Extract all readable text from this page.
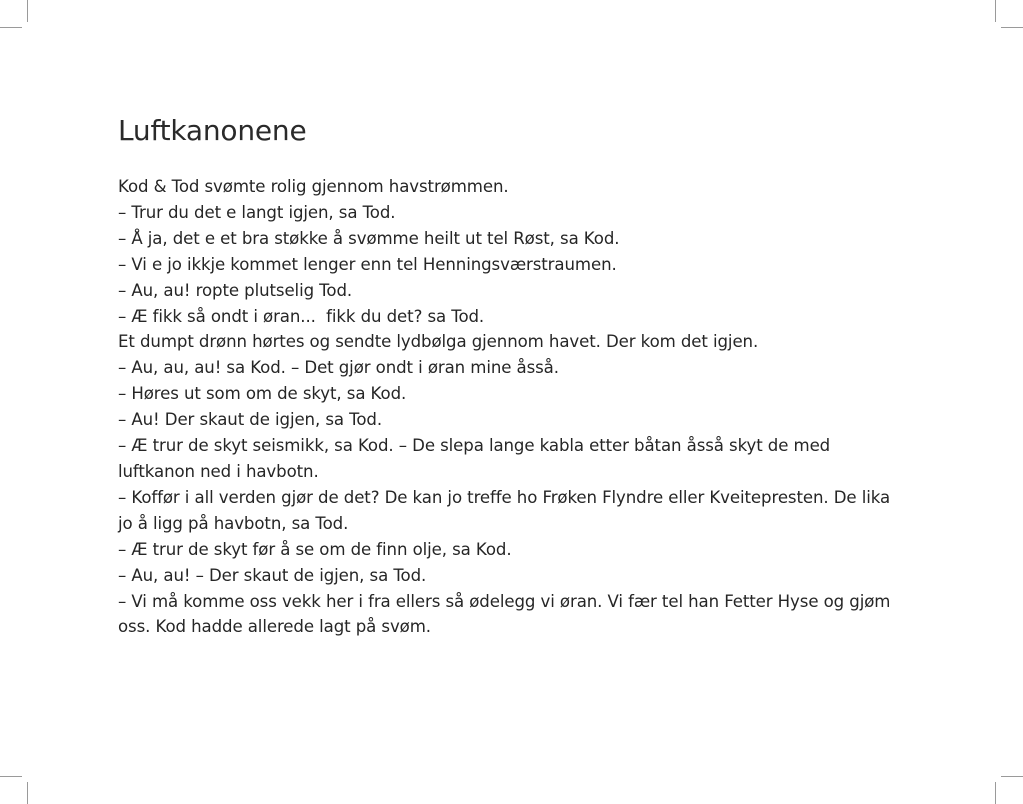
Luftkanonene

Kod & Tod svømte rolig gjennom havstrømmen.

– Trur du det e langt igjen, sa Tod.

– Å ja, det e et bra støkke å svømme heilt ut tel Røst, sa Kod.

– Vi e jo ikkje kommet lenger enn tel Henningsværstraumen.

– Au, au! ropte plutselig Tod.

– Æ fikk så ondt i øran...  fikk du det? sa Tod.

Et dumpt drønn hørtes og sendte lydbølga gjennom havet. Der kom det igjen.

– Au, au, au! sa Kod. – Det gjør ondt i øran mine åsså.

– Høres ut som om de skyt, sa Kod.

– Au! Der skaut de igjen, sa Tod.

– Æ trur de skyt seismikk, sa Kod. – De slepa lange kabla etter båtan åsså skyt de med
luftkanon ned i havbotn.

– Koffør i all verden gjør de det? De kan jo treffe ho Frøken Flyndre eller Kveitepresten. De lika
jo å ligg på havbotn, sa Tod.

– Æ trur de skyt før å se om de finn olje, sa Kod.

– Au, au! – Der skaut de igjen, sa Tod.

– Vi må komme oss vekk her i fra ellers så ødelegg vi øran. Vi fær tel han Fetter Hyse og gjøm
oss. Kod hadde allerede lagt på svøm.
